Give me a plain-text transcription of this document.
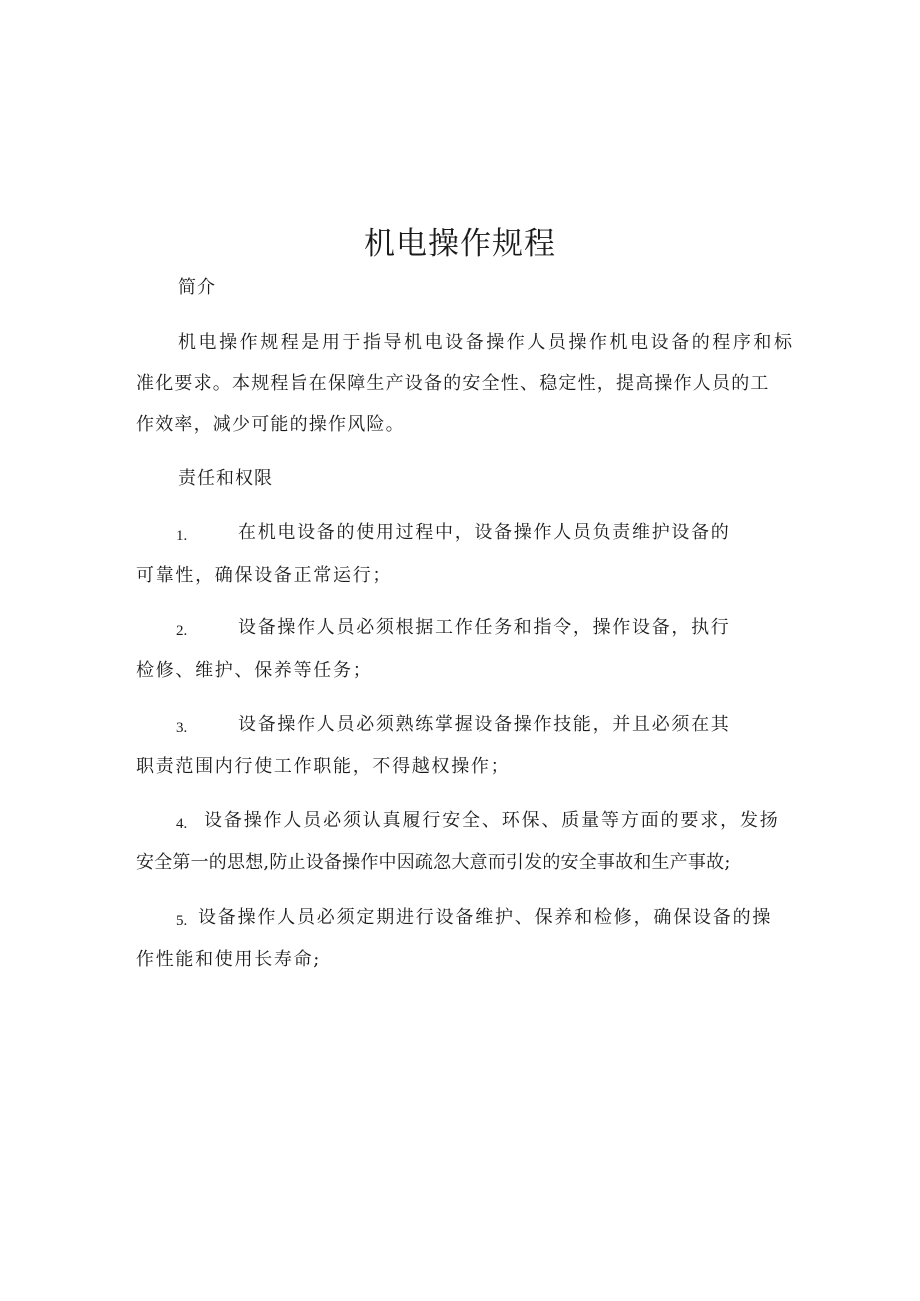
机电操作规程
简介
机电操作规程是用于指导机电设备操作人员操作机电设备的程序和标
准化要求。本规程旨在保障生产设备的安全性、稳定性，提高操作人员的工
作效率，减少可能的操作风险。
责任和权限
1.	在机电设备的使用过程中，设备操作人员负责维护设备的
可靠性，确保设备正常运行；
2.	设备操作人员必须根据工作任务和指令，操作设备，执行
检修、维护、保养等任务；
3.	设备操作人员必须熟练掌握设备操作技能，并且必须在其
职责范围内行使工作职能，不得越权操作；
4. 设备操作人员必须认真履行安全、环保、质量等方面的要求，发扬
安全第一的思想,防止设备操作中因疏忽大意而引发的安全事故和生产事故;
5. 设备操作人员必须定期进行设备维护、保养和检修，确保设备的操
作性能和使用长寿命;
